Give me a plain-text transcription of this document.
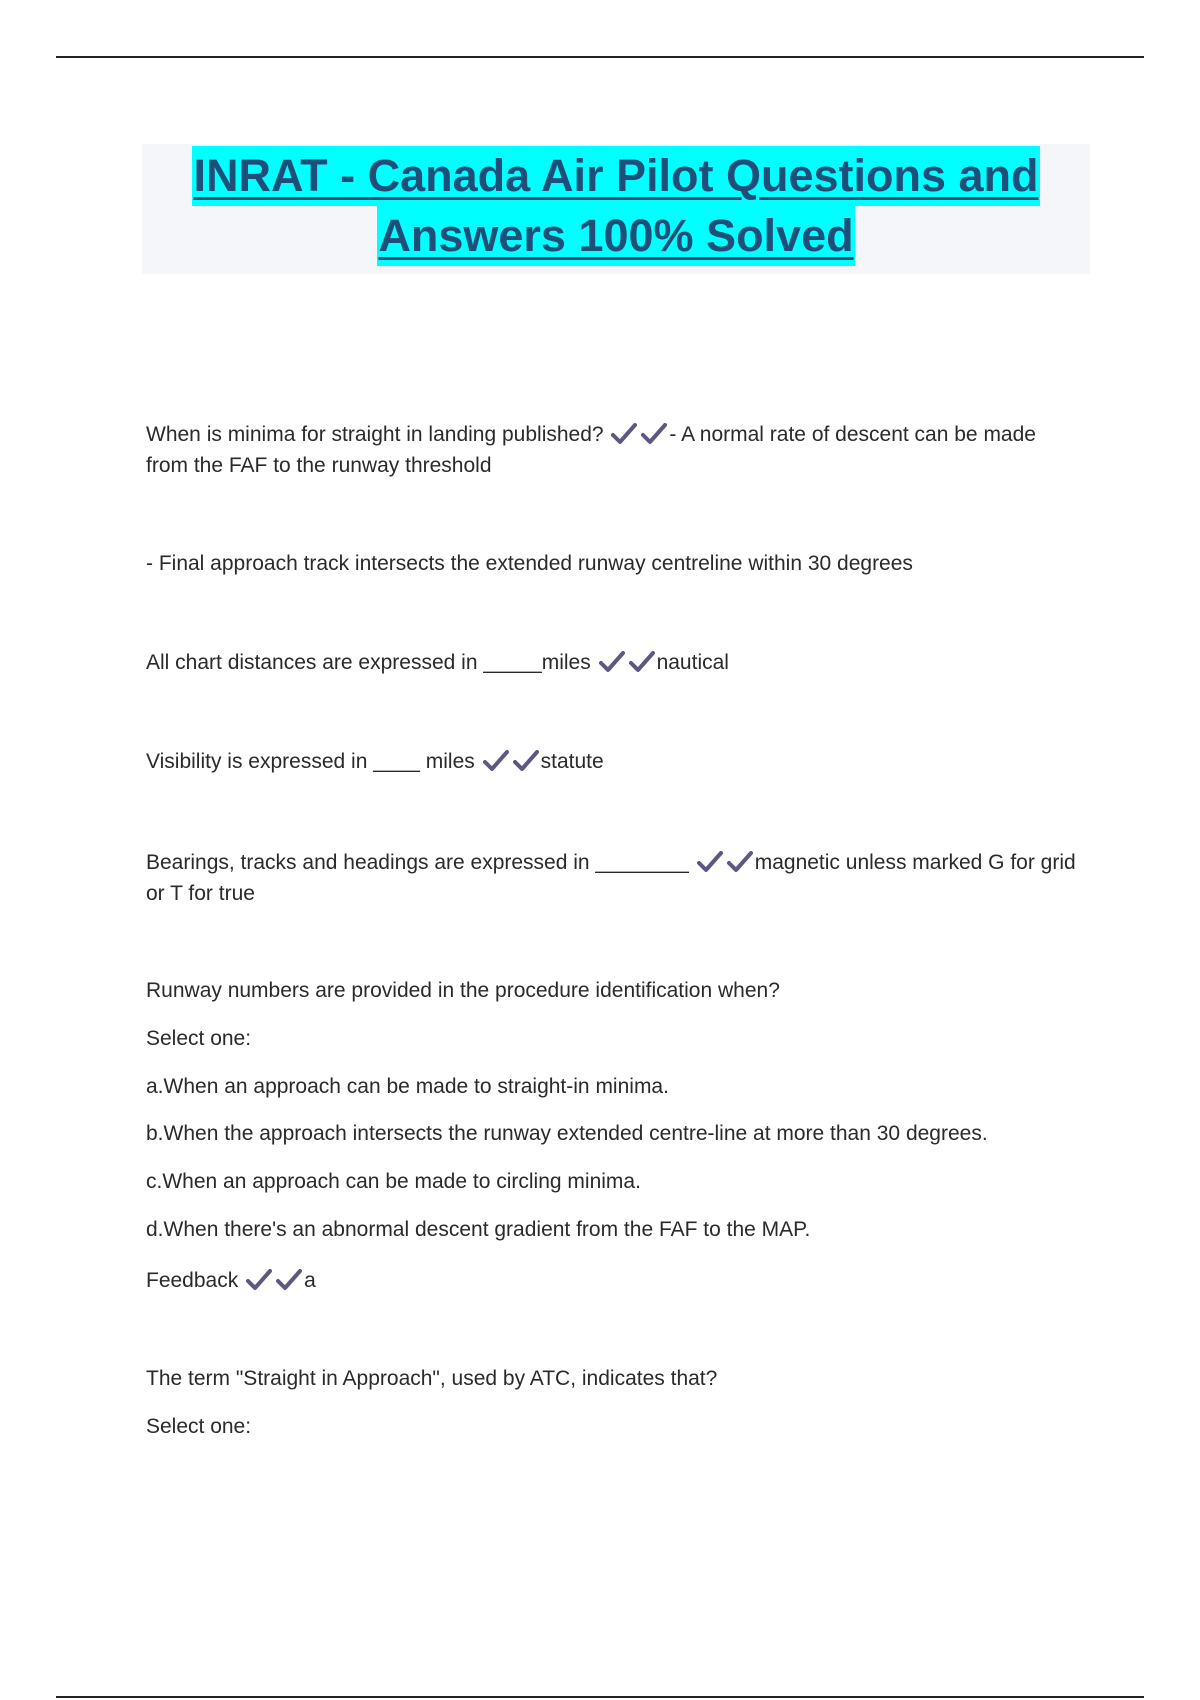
INRAT - Canada Air Pilot Questions and
Answers 100% Solved

When is minima for straight in landing published?	- A normal rate of descent can be made from the FAF to the runway threshold

- Final approach track intersects the extended runway centreline within 30 degrees

All chart distances are expressed in _____miles	nautical

Visibility is expressed in ____ miles	statute

Bearings, tracks and headings are expressed in ________	magnetic unless marked G for grid or T for true

Runway numbers are provided in the procedure identification when?

Select one:

a.When an approach can be made to straight-in minima.

b.When the approach intersects the runway extended centre-line at more than 30 degrees.

c.When an approach can be made to circling minima.

d.When there's an abnormal descent gradient from the FAF to the MAP.

Feedback	a

The term "Straight in Approach", used by ATC, indicates that?

Select one:
